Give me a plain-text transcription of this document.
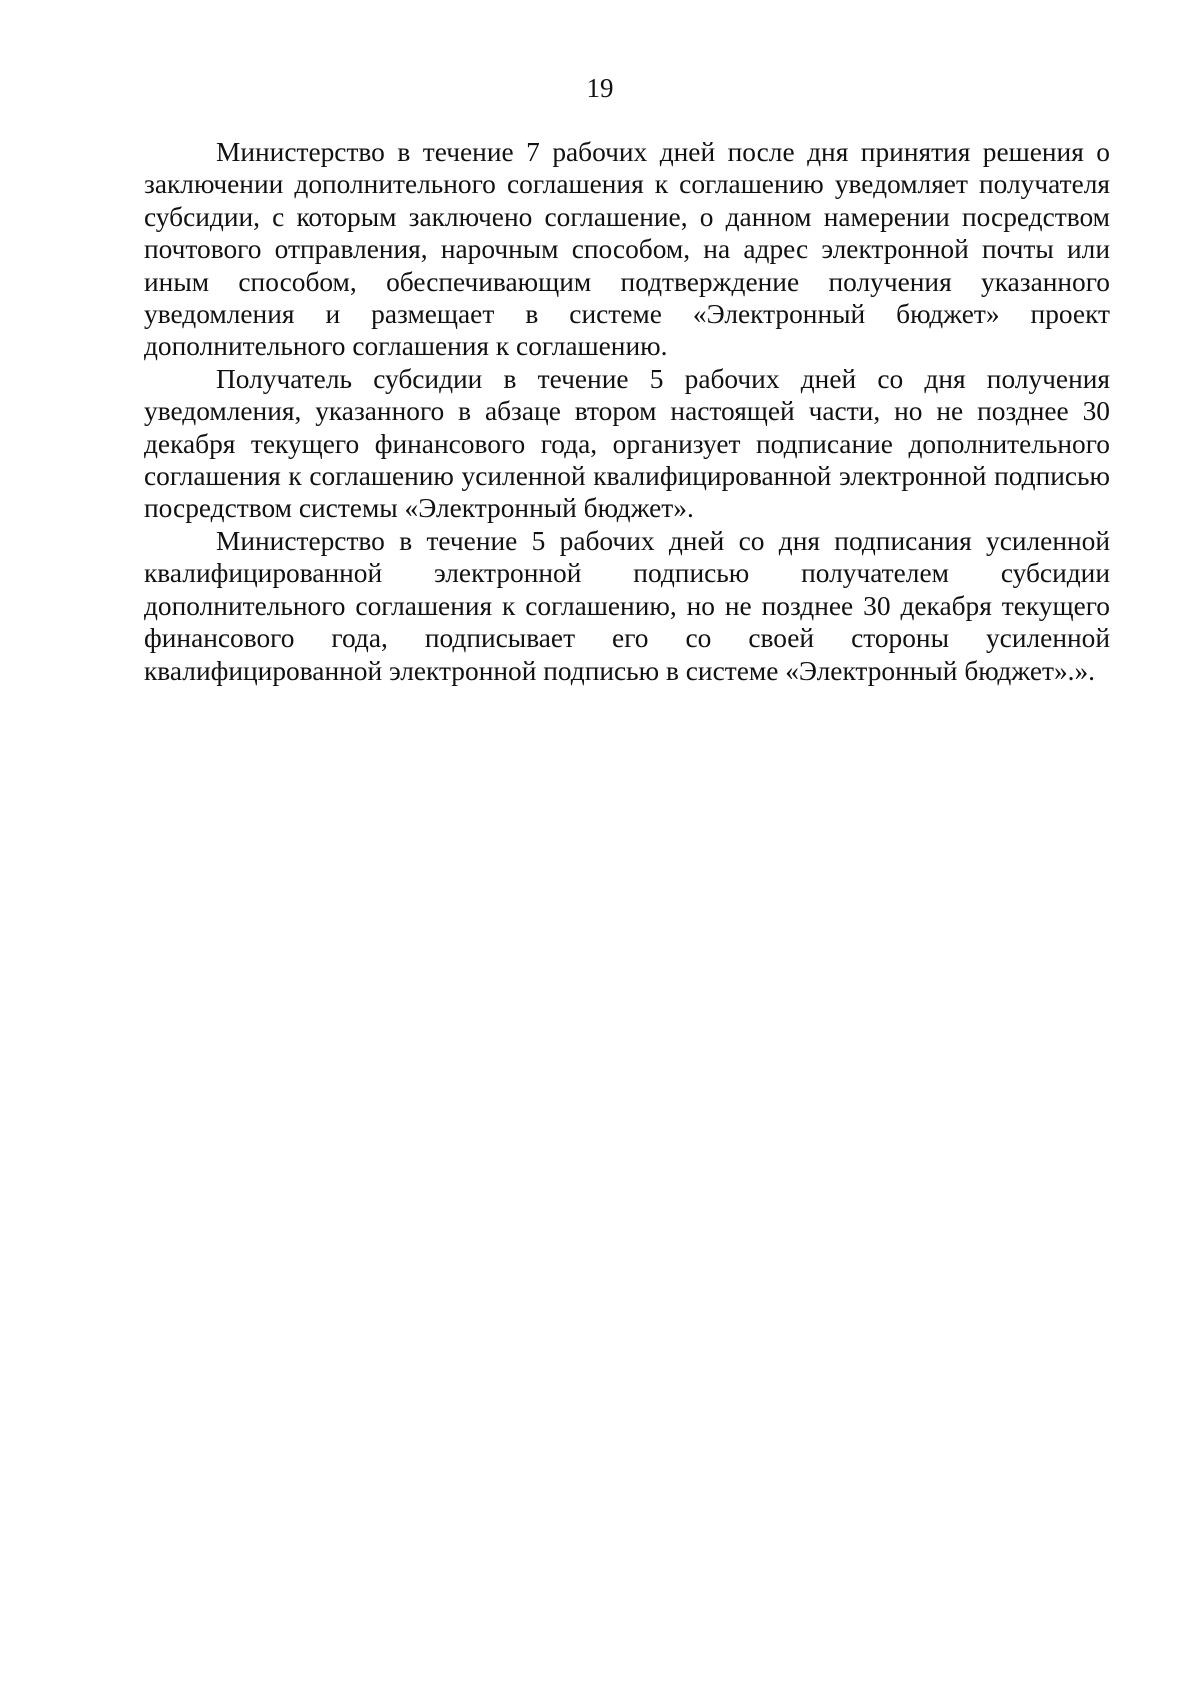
19

Министерство в течение 7 рабочих дней после дня принятия решения о заключении дополнительного соглашения к соглашению уведомляет получателя субсидии, с которым заключено соглашение, о данном намерении посредством почтового отправления, нарочным способом, на адрес электронной почты или иным способом, обеспечивающим подтверждение получения указанного уведомления и размещает в системе «Электронный бюджет» проект дополнительного соглашения к соглашению.

Получатель субсидии в течение 5 рабочих дней со дня получения уведомления, указанного в абзаце втором настоящей части, но не позднее 30 декабря текущего финансового года, организует подписание дополнительного соглашения к соглашению усиленной квалифицированной электронной подписью посредством системы «Электронный бюджет».

Министерство в течение 5 рабочих дней со дня подписания усиленной квалифицированной электронной подписью получателем субсидии дополнительного соглашения к соглашению, но не позднее 30 декабря текущего финансового года, подписывает его со своей стороны усиленной квалифицированной электронной подписью в системе «Электронный бюджет».».
